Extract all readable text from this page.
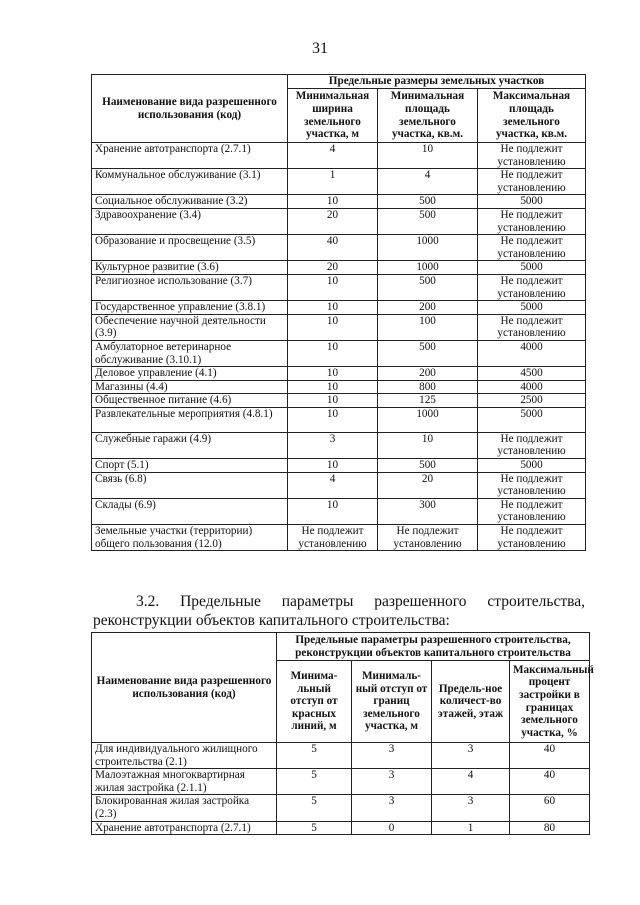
31
Наименование вида разрешенного использования (код)	Предельные размеры земельных участков		
	Минимальная ширина земельного участка, м	Минимальная площадь земельного участка, кв.м.	Максимальная площадь земельного участка, кв.м.
Хранение автотранспорта (2.7.1)	4	10	Не подлежит установлению
Коммунальное обслуживание (3.1)	1	4	Не подлежит установлению
Социальное обслуживание (3.2)	10	500	5000
Здравоохранение (3.4)	20	500	Не подлежит установлению
Образование и просвещение (3.5)	40	1000	Не подлежит установлению
Культурное развитие (3.6)	20	1000	5000
Религиозное использование (3.7)	10	500	Не подлежит установлению
Государственное управление (3.8.1)	10	200	5000
Обеспечение научной деятельности (3.9)	10	100	Не подлежит установлению
Амбулаторное ветеринарное обслуживание (3.10.1)	10	500	4000
Деловое управление (4.1)	10	200	4500
Магазины (4.4)	10	800	4000
Общественное питание (4.6)	10	125	2500
Развлекательные мероприятия (4.8.1)	10	1000	5000
Служебные гаражи (4.9)	3	10	Не подлежит установлению
Спорт (5.1)	10	500	5000
Связь (6.8)	4	20	Не подлежит установлению
Склады (6.9)	10	300	Не подлежит установлению
Земельные участки (территории) общего пользования (12.0)	Не подлежит установлению	Не подлежит установлению	Не подлежит установлению
3.2. Предельные параметры разрешенного строительства,
реконструкции объектов капитального строительства:
Наименование вида разрешенного использования (код)	Предельные параметры разрешенного строительства, реконструкции объектов капитального строительства			
	Минима-льный отступ от красных линий, м	Минималь-ный отступ от границ земельного участка, м	Предель-ное количест-во этажей, этаж	Максимальный процент застройки в границах земельного участка, %
Для индивидуального жилищного строительства (2.1)	5	3	3	40
Малоэтажная многоквартирная жилая застройка (2.1.1)	5	3	4	40
Блокированная жилая застройка (2.3)	5	3	3	60
Хранение автотранспорта (2.7.1)	5	0	1	80
